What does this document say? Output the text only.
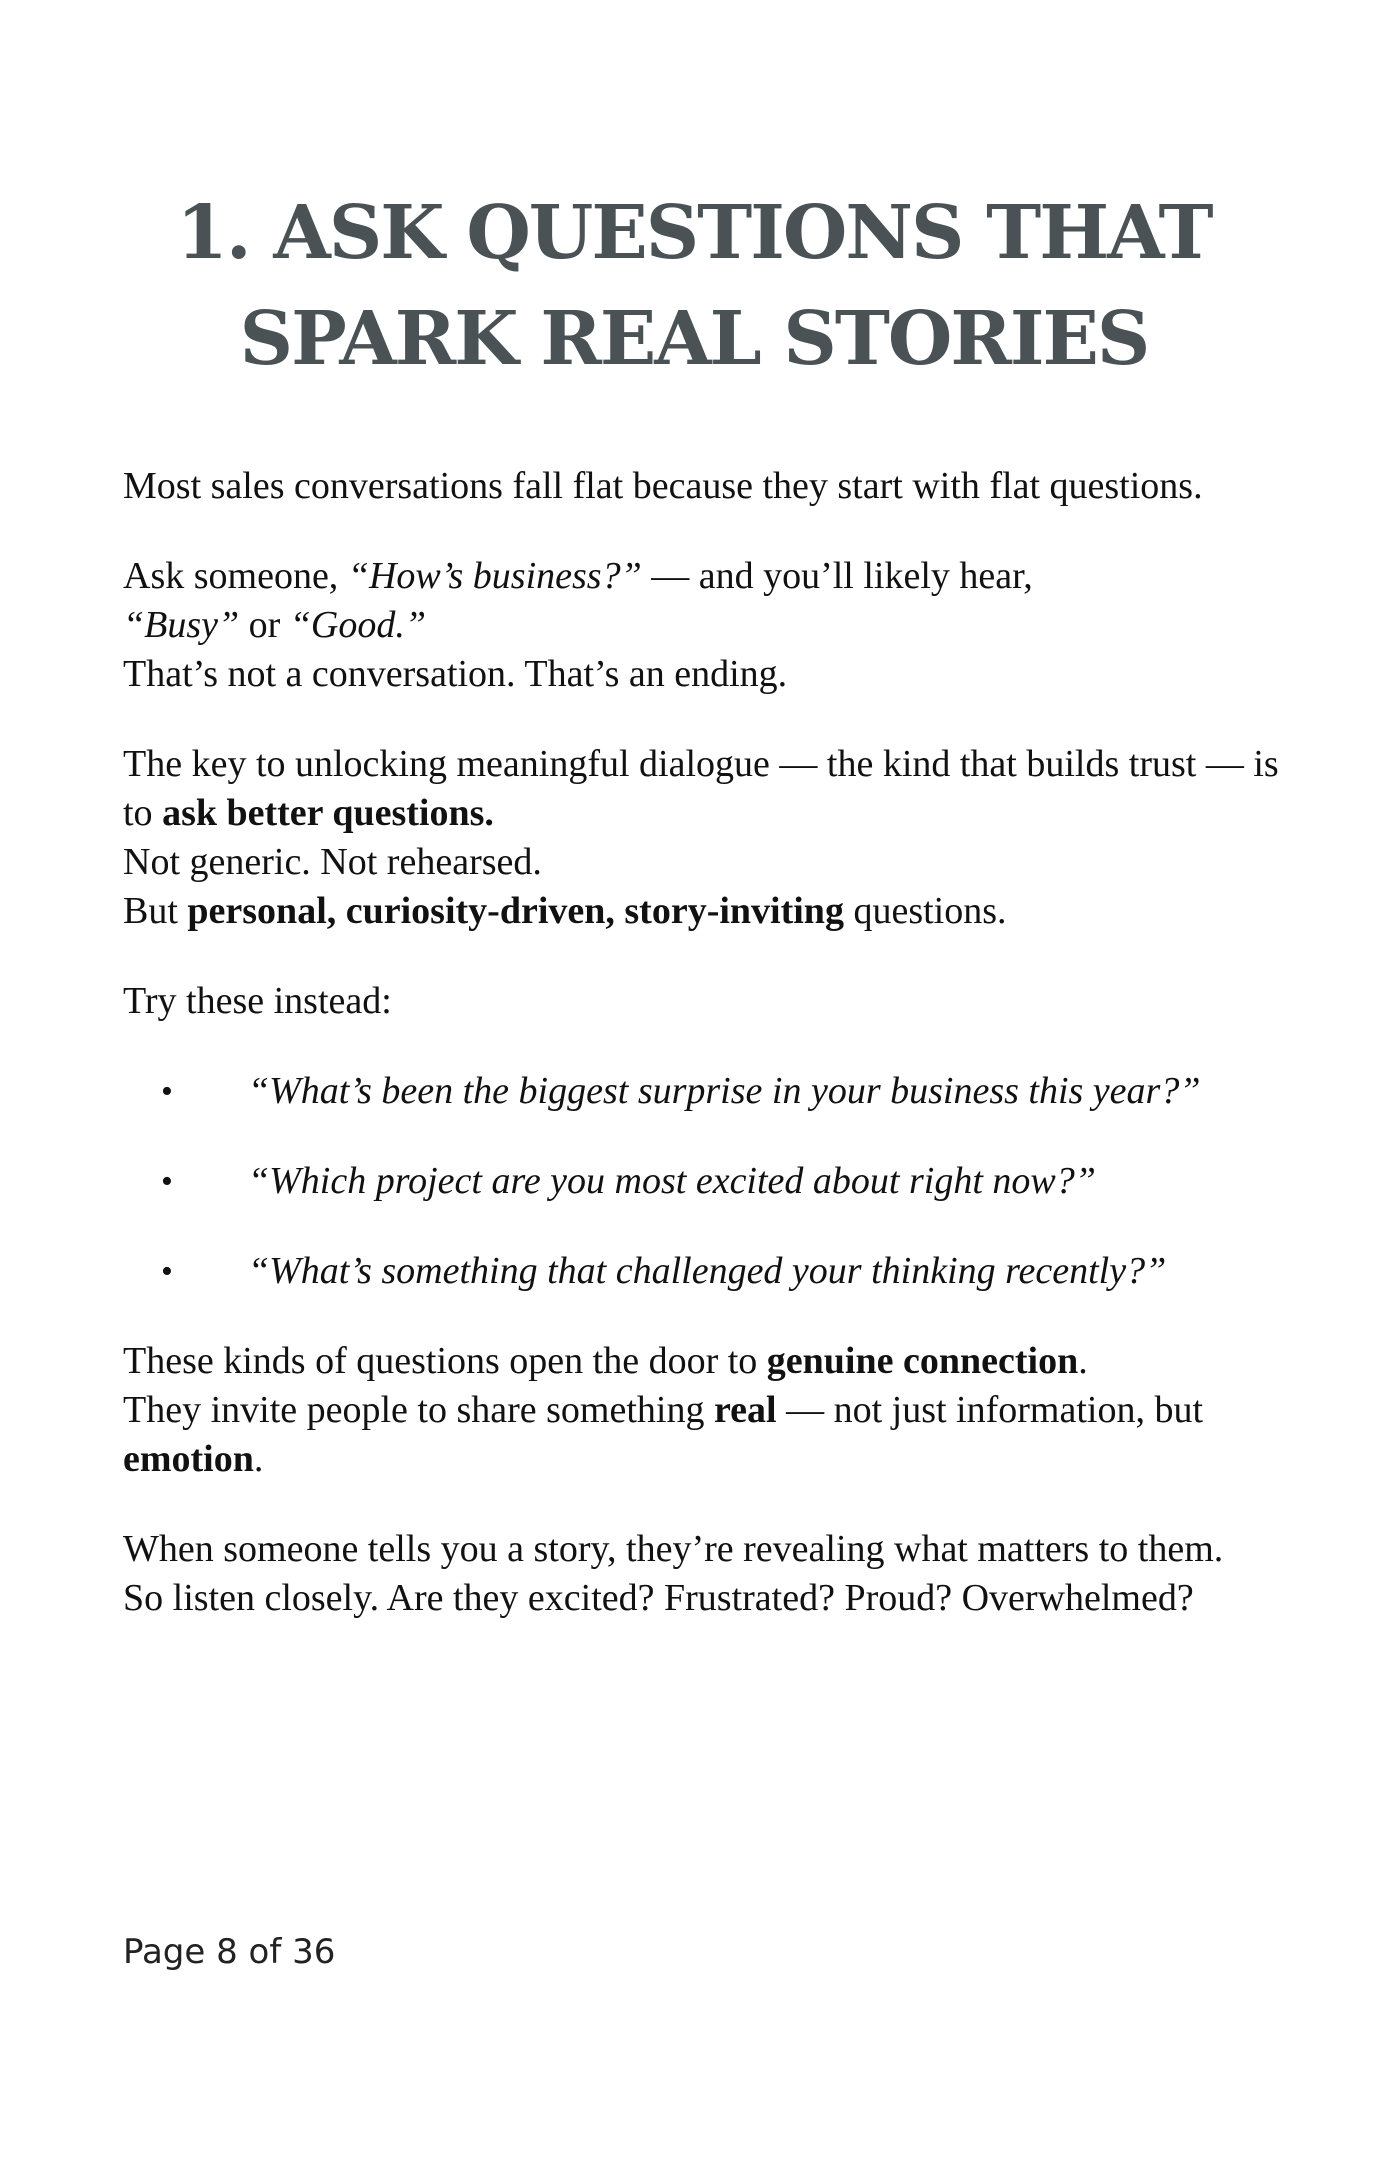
1. ASK QUESTIONS THAT
SPARK REAL STORIES

Most sales conversations fall flat because they start with flat questions.

Ask someone, “How’s business?” — and you’ll likely hear,
“Busy” or “Good.”
That’s not a conversation. That’s an ending.

The key to unlocking meaningful dialogue — the kind that builds trust — is to ask better questions.
Not generic. Not rehearsed.
But personal, curiosity-driven, story-inviting questions.

Try these instead:

• “What’s been the biggest surprise in your business this year?”
• “Which project are you most excited about right now?”
• “What’s something that challenged your thinking recently?”

These kinds of questions open the door to genuine connection.
They invite people to share something real — not just information, but emotion.

When someone tells you a story, they’re revealing what matters to them.
So listen closely. Are they excited? Frustrated? Proud? Overwhelmed?

Page 8 of 36
